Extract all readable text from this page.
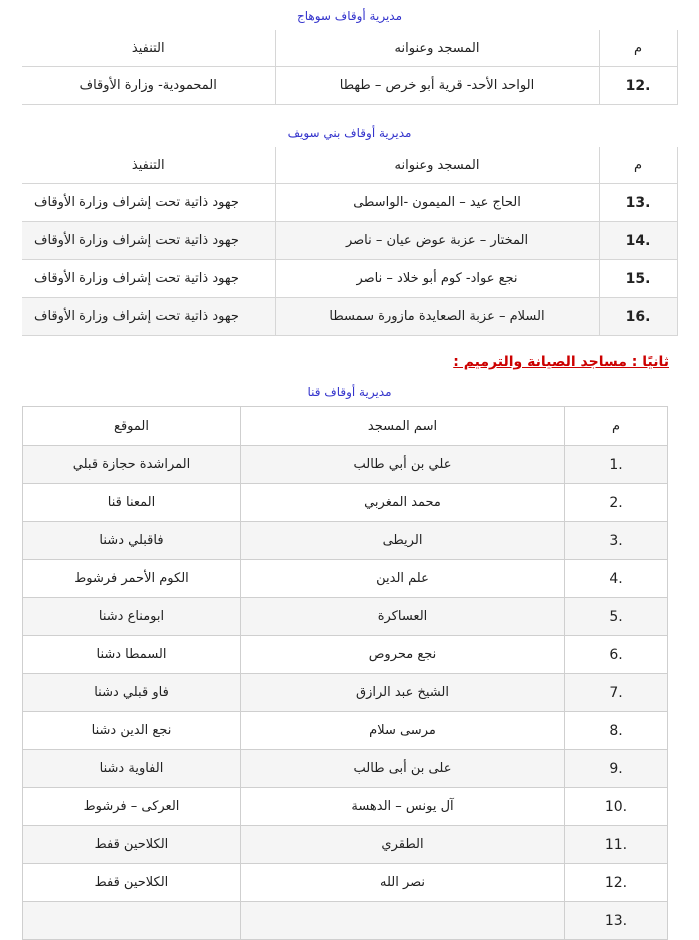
مديرية أوقاف سوهاج
م	المسجد وعنوانه	التنفيذ
12.	الواحد الأحد- قرية أبو خرص – طهطا	المحمودية- وزارة الأوقاف
مديرية أوقاف بني سويف
م	المسجد وعنوانه	التنفيذ
13.	الحاج عيد – الميمون -الواسطى	جهود ذاتية تحت إشراف وزارة الأوقاف
14.	المختار – عزبة عوض عيان – ناصر	جهود ذاتية تحت إشراف وزارة الأوقاف
15.	نجع عواد- كوم أبو خلاد – ناصر	جهود ذاتية تحت إشراف وزارة الأوقاف
16.	السلام – عزبة الصعايدة مازورة سمسطا	جهود ذاتية تحت إشراف وزارة الأوقاف
ثانيًا : مساجد الصيانة والترميم :
مديرية أوقاف قنا
م	اسم المسجد	الموقع
1.	علي بن أبي طالب	المراشدة حجازة قبلي
2.	محمد المغربي	المعنا قنا
3.	الريطى	فاقبلي دشنا
4.	علم الدين	الكوم الأحمر فرشوط
5.	العساكرة	ابومناع دشنا
6.	نجع محروص	السمطا دشنا
7.	الشيخ عبد الرازق	فاو قبلي دشنا
8.	مرسى سلام	نجع الدين دشنا
9.	على بن أبى طالب	الفاوية دشنا
10.	آل يونس – الدهسة	العركى – فرشوط
11.	الطقري	الكلاحين قفط
12.	نصر الله	الكلاحين قفط
13.		
